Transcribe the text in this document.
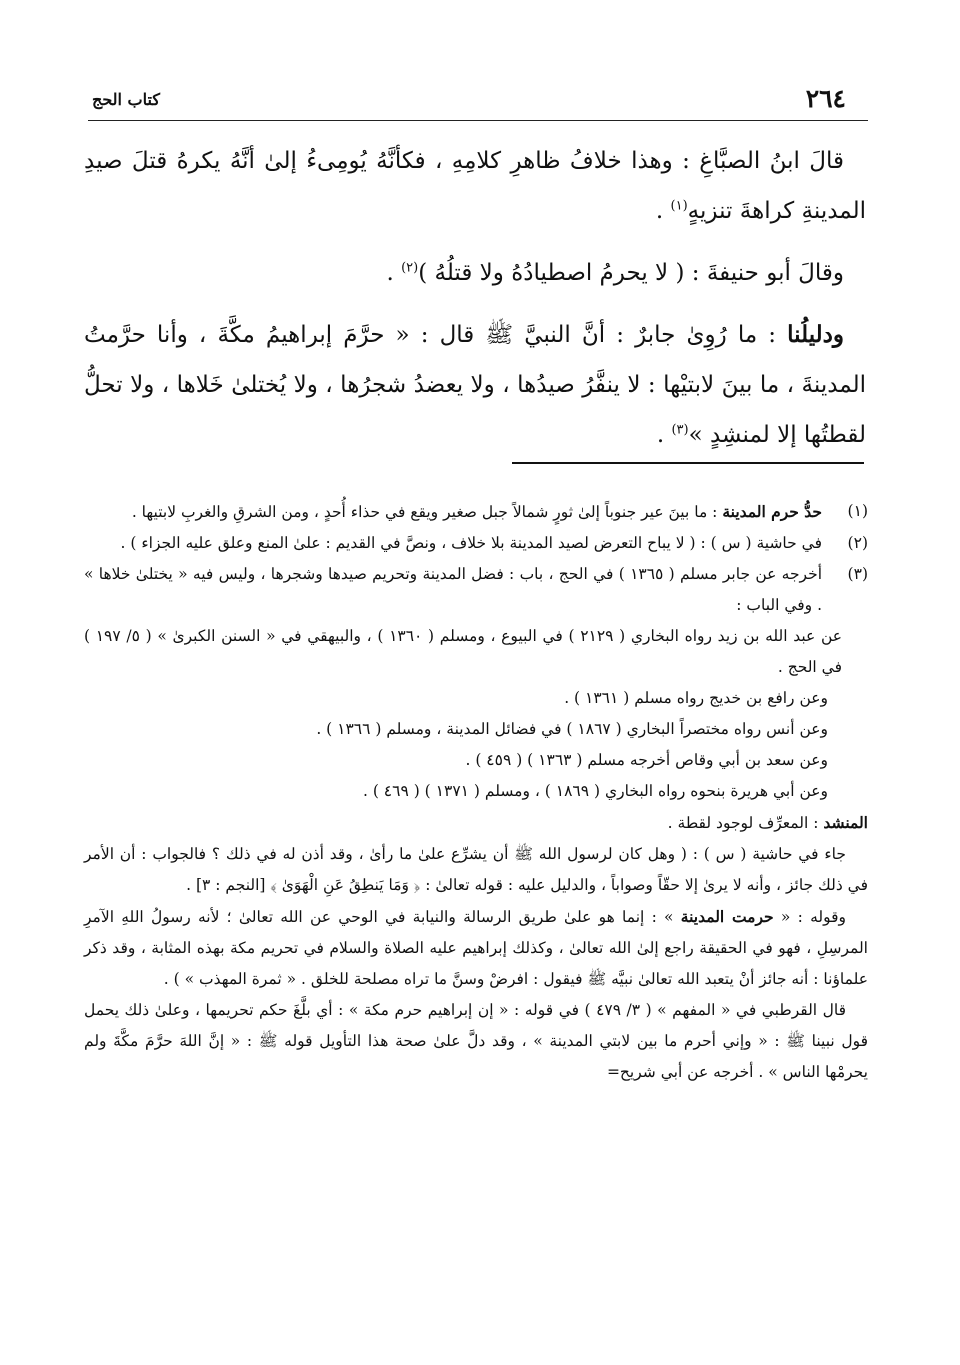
كتاب الحج	٢٦٤

قالَ ابنُ الصبَّاغِ : وهذا خلافُ ظاهرِ كلامِهِ ، فكأنَّهُ يُومِىءُ إلىٰ أنَّهُ يكرهُ قتلَ صيدِ المدينةِ كراهةَ تنزيهٍ$^{(١)}$ .

وقالَ أبو حنيفةَ : ( لا يحرمُ اصطيادُهُ ولا قتلُهُ )$^{(٢)}$ .

ودليلُنا : ما رُوِىٰ جابرٌ : أنَّ النبيَّ ﷺ قال : « حرَّمَ إبراهيمُ مكَّةَ ، وأنا حرَّمتُ المدينةَ ، ما بينَ لابتيْها : لا ينفَّرُ صيدُها ، ولا يعضدُ شجرُها ، ولا يُختلىٰ خَلاها ، ولا تحلُّ لقطتُها إلا لمنشِدٍ »$^{(٣)}$ .

(١)

حدُّ حرم المدينة : ما بينَ عير جنوباً إلىٰ ثورٍ شمالاً جبل صغير ويقع في حذاء أُحدٍ ، ومن الشرقِ والغربِ لابتيها .

(٢)

في حاشية ( س ) : ( لا يباح التعرض لصيد المدينة بلا خلاف ، ونصَّ في القديم : علىٰ المنع وعلق عليه الجزاء ) .

(٣)

أخرجه عن جابر مسلم ( ١٣٦٥ ) في الحج ، باب : فضل المدينة وتحريم صيدها وشجرها ، وليس فيه « يختلىٰ خلاها » . وفي الباب :

عن عبد الله بن زيد رواه البخاري ( ٢١٢٩ ) في البيوع ، ومسلم ( ١٣٦٠ ) ، والبيهقي في « السنن الكبرىٰ » ( ٥/ ١٩٧ ) في الحج .

وعن رافع بن خديج رواه مسلم ( ١٣٦١ ) .

وعن أنس رواه مختصراً البخاري ( ١٨٦٧ ) في فضائل المدينة ، ومسلم ( ١٣٦٦ ) .

وعن سعد بن أبي وقاص أخرجه مسلم ( ١٣٦٣ ) ( ٤٥٩ ) .

وعن أبي هريرة بنحوه رواه البخاري ( ١٨٦٩ ) ، ومسلم ( ١٣٧١ ) ( ٤٦٩ ) .

المنشد : المعرِّف لوجود لقطة .

جاء في حاشية ( س ) : ( وهل كان لرسول الله ﷺ أن يشرِّع علىٰ ما رأىٰ ، وقد أذن له في ذلك ؟ فالجواب : أن الأمر في ذلك جائز ، وأنه لا يرىٰ إلا حقّاً وصواباً ، والدليل عليه : قوله تعالىٰ : ﴿ وَمَا يَنطِقُ عَنِ الْهَوَىٰ ﴾ [النجم : ٣] .

وقوله : « حرمت المدينة » : إنما هو علىٰ طريق الرسالة والنيابة في الوحي عن الله تعالىٰ ؛ لأنه رسولُ اللهِ الآمرِ المرسِلِ ، فهو في الحقيقة راجع إلىٰ الله تعالىٰ ، وكذلك إبراهيم عليه الصلاة والسلام في تحريم مكة بهذه المثابة ، وقد ذكر علماؤنا : أنه جائز أنْ يتعبد الله تعالىٰ نبيَّه ﷺ فيقول : افرضْ وسنَّ ما تراه مصلحة للخلق . « ثمرة المهذب » ) .

قال القرطبي في « المفهم » ( ٣/ ٤٧٩ ) في قوله : « إن إبراهيم حرم مكة » : أي بلَّغَ حكم تحريمها ، وعلىٰ ذلك يحمل قول نبينا ﷺ : « وإني أحرم ما بين لابتي المدينة » ، وقد دلَّ علىٰ صحة هذا التأويل قوله ﷺ : « إنَّ اللهَ حرَّمَ مكَّةَ ولم يحرمْها الناس » . أخرجه عن أبي شريح=
